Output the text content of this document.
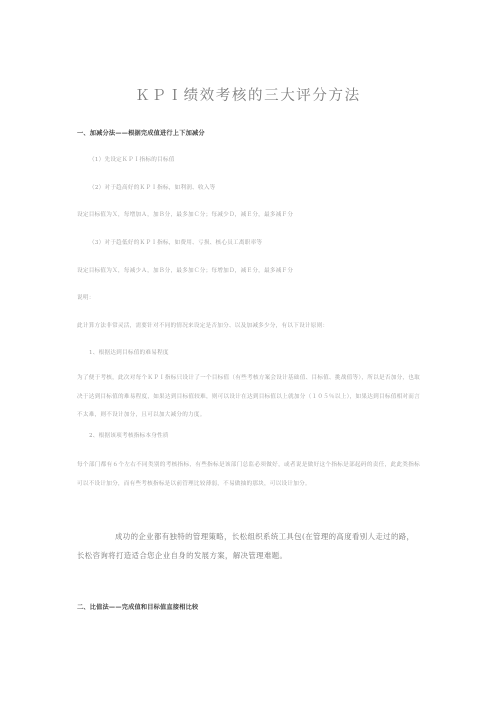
ＫＰＩ绩效考核的三大评分方法
一、加减分法——根据完成值进行上下加减分
（1）先设定ＫＰＩ指标的目标值
（2）对于趋高好的ＫＰＩ指标，如利润、收入等
设定目标值为Ｘ，每增加Ａ，加Ｂ分，最多加Ｃ分；每减少Ｄ，减Ｅ分，最多减Ｆ分
（3）对于趋低好的ＫＰＩ指标，如费用、亏损、核心员工离职率等
设定目标值为Ｘ，每减少Ａ，加Ｂ分，最多加Ｃ分；每增加Ｄ，减Ｅ分，最多减Ｆ分
说明：
此计算方法非常灵活，需要针对不同的情况来设定是否加分、以及加减多少分，有以下设计原则：
1、根据达到目标值的难易程度
为了便于考核，此次对每个ＫＰＩ指标只设计了一个目标值（有些考核方案会设计基础值、目标值、挑战值等），所以是否加分，也取决于达到目标值的难易程度，如果达到目标值较难，则可以设计在达到目标值以上就加分（１０５％以上），如果达到目标值相对而言不太难，则不设计加分，且可以加大减分的力度。
2、根据该项考核指标本身性质
每个部门都有６个左右不同类别的考核指标，有些指标是该部门总监必须做好，或者说是做好这个指标是部起码的责任，此此类指标可以不设计加分，而有些考核指标是以前管理比较薄弱，不易做抽的那块，可以设计加分。
成功的企业都有独特的管理策略，长松组织系统工具包(在管理的高度看别人走过的路，长松咨询将打造适合您企业自身的发展方案，解决管理难题。
二、比值法——完成值和目标值直接相比较
